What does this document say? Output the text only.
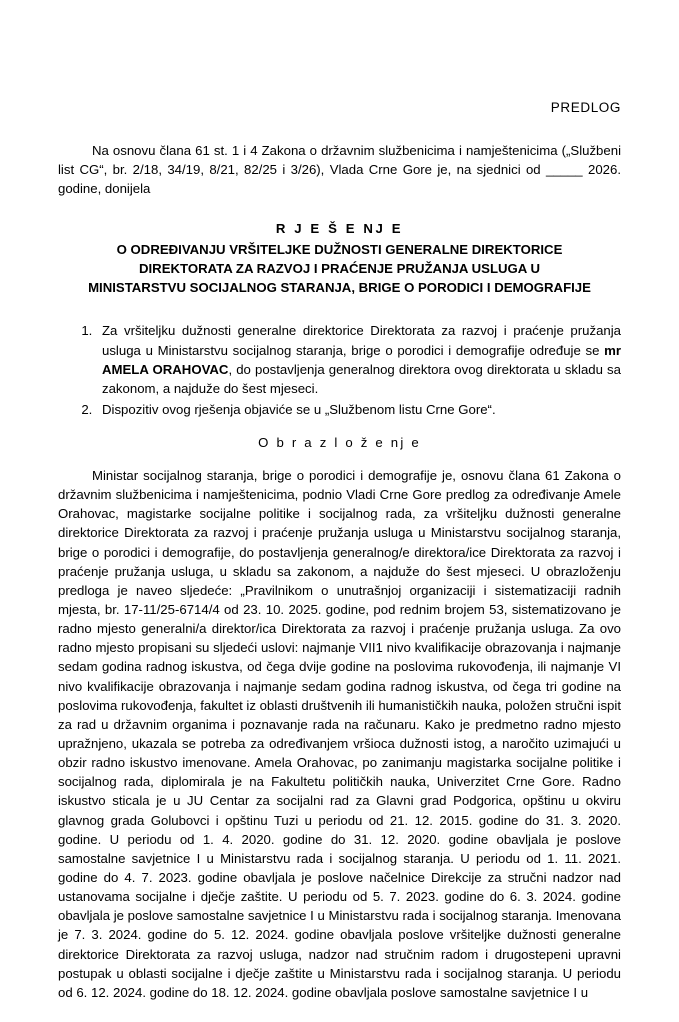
PREDLOG

Na osnovu člana 61 st. 1 i 4 Zakona o državnim službenicima i namještenicima („Službeni list CG“, br. 2/18, 34/19, 8/21, 82/25 i 3/26), Vlada Crne Gore je, na sjednici od _____ 2026. godine, donijela

R J E Š E NJ E
O ODREĐIVANJU VRŠITELJKE DUŽNOSTI GENERALNE DIREKTORICE
DIREKTORATA ZA RAZVOJ I PRAĆENJE PRUŽANJA USLUGA U
MINISTARSTVU SOCIJALNOG STARANJA, BRIGE O PORODICI I DEMOGRAFIJE
1. Za vršiteljku dužnosti generalne direktorice Direktorata za razvoj i praćenje pružanja usluga u Ministarstvu socijalnog staranja, brige o porodici i demografije određuje se mr AMELA ORAHOVAC, do postavljenja generalnog direktora ovog direktorata u skladu sa zakonom, a najduže do šest mjeseci.
2. Dispozitiv ovog rješenja objaviće se u „Službenom listu Crne Gore“.
O b r a z l o ž e nj e

Ministar socijalnog staranja, brige o porodici i demografije je, osnovu člana 61 Zakona o državnim službenicima i namještenicima, podnio Vladi Crne Gore predlog za određivanje Amele Orahovac, magistarke socijalne politike i socijalnog rada, za vršiteljku dužnosti generalne direktorice Direktorata za razvoj i praćenje pružanja usluga u Ministarstvu socijalnog staranja, brige o porodici i demografije, do postavljenja generalnog/e direktora/ice Direktorata za razvoj i praćenje pružanja usluga, u skladu sa zakonom, a najduže do šest mjeseci. U obrazloženju predloga je naveo sljedeće: „Pravilnikom o unutrašnjoj organizaciji i sistematizaciji radnih mjesta, br. 17-11/25-6714/4 od 23. 10. 2025. godine, pod rednim brojem 53, sistematizovano je radno mjesto generalni/a direktor/ica Direktorata za razvoj i praćenje pružanja usluga. Za ovo radno mjesto propisani su sljedeći uslovi: najmanje VII1 nivo kvalifikacije obrazovanja i najmanje sedam godina radnog iskustva, od čega dvije godine na poslovima rukovođenja, ili najmanje VI nivo kvalifikacije obrazovanja i najmanje sedam godina radnog iskustva, od čega tri godine na poslovima rukovođenja, fakultet iz oblasti društvenih ili humanističkih nauka, položen stručni ispit za rad u državnim organima i poznavanje rada na računaru. Kako je predmetno radno mjesto upražnjeno, ukazala se potreba za određivanjem vršioca dužnosti istog, a naročito uzimajući u obzir radno iskustvo imenovane. Amela Orahovac, po zanimanju magistarka socijalne politike i socijalnog rada, diplomirala je na Fakultetu političkih nauka, Univerzitet Crne Gore. Radno iskustvo sticala je u JU Centar za socijalni rad za Glavni grad Podgorica, opštinu u okviru glavnog grada Golubovci i opštinu Tuzi u periodu od 21. 12. 2015. godine do 31. 3. 2020. godine. U periodu od 1. 4. 2020. godine do 31. 12. 2020. godine obavljala je poslove samostalne savjetnice I u Ministarstvu rada i socijalnog staranja. U periodu od 1. 11. 2021. godine do 4. 7. 2023. godine obavljala je poslove načelnice Direkcije za stručni nadzor nad ustanovama socijalne i dječje zaštite. U periodu od 5. 7. 2023. godine do 6. 3. 2024. godine obavljala je poslove samostalne savjetnice I u Ministarstvu rada i socijalnog staranja. Imenovana je 7. 3. 2024. godine do 5. 12. 2024. godine obavljala poslove vršiteljke dužnosti generalne direktorice Direktorata za razvoj usluga, nadzor nad stručnim radom i drugostepeni upravni postupak u oblasti socijalne i dječje zaštite u Ministarstvu rada i socijalnog staranja. U periodu od 6. 12. 2024. godine do 18. 12. 2024. godine obavljala poslove samostalne savjetnice I u
